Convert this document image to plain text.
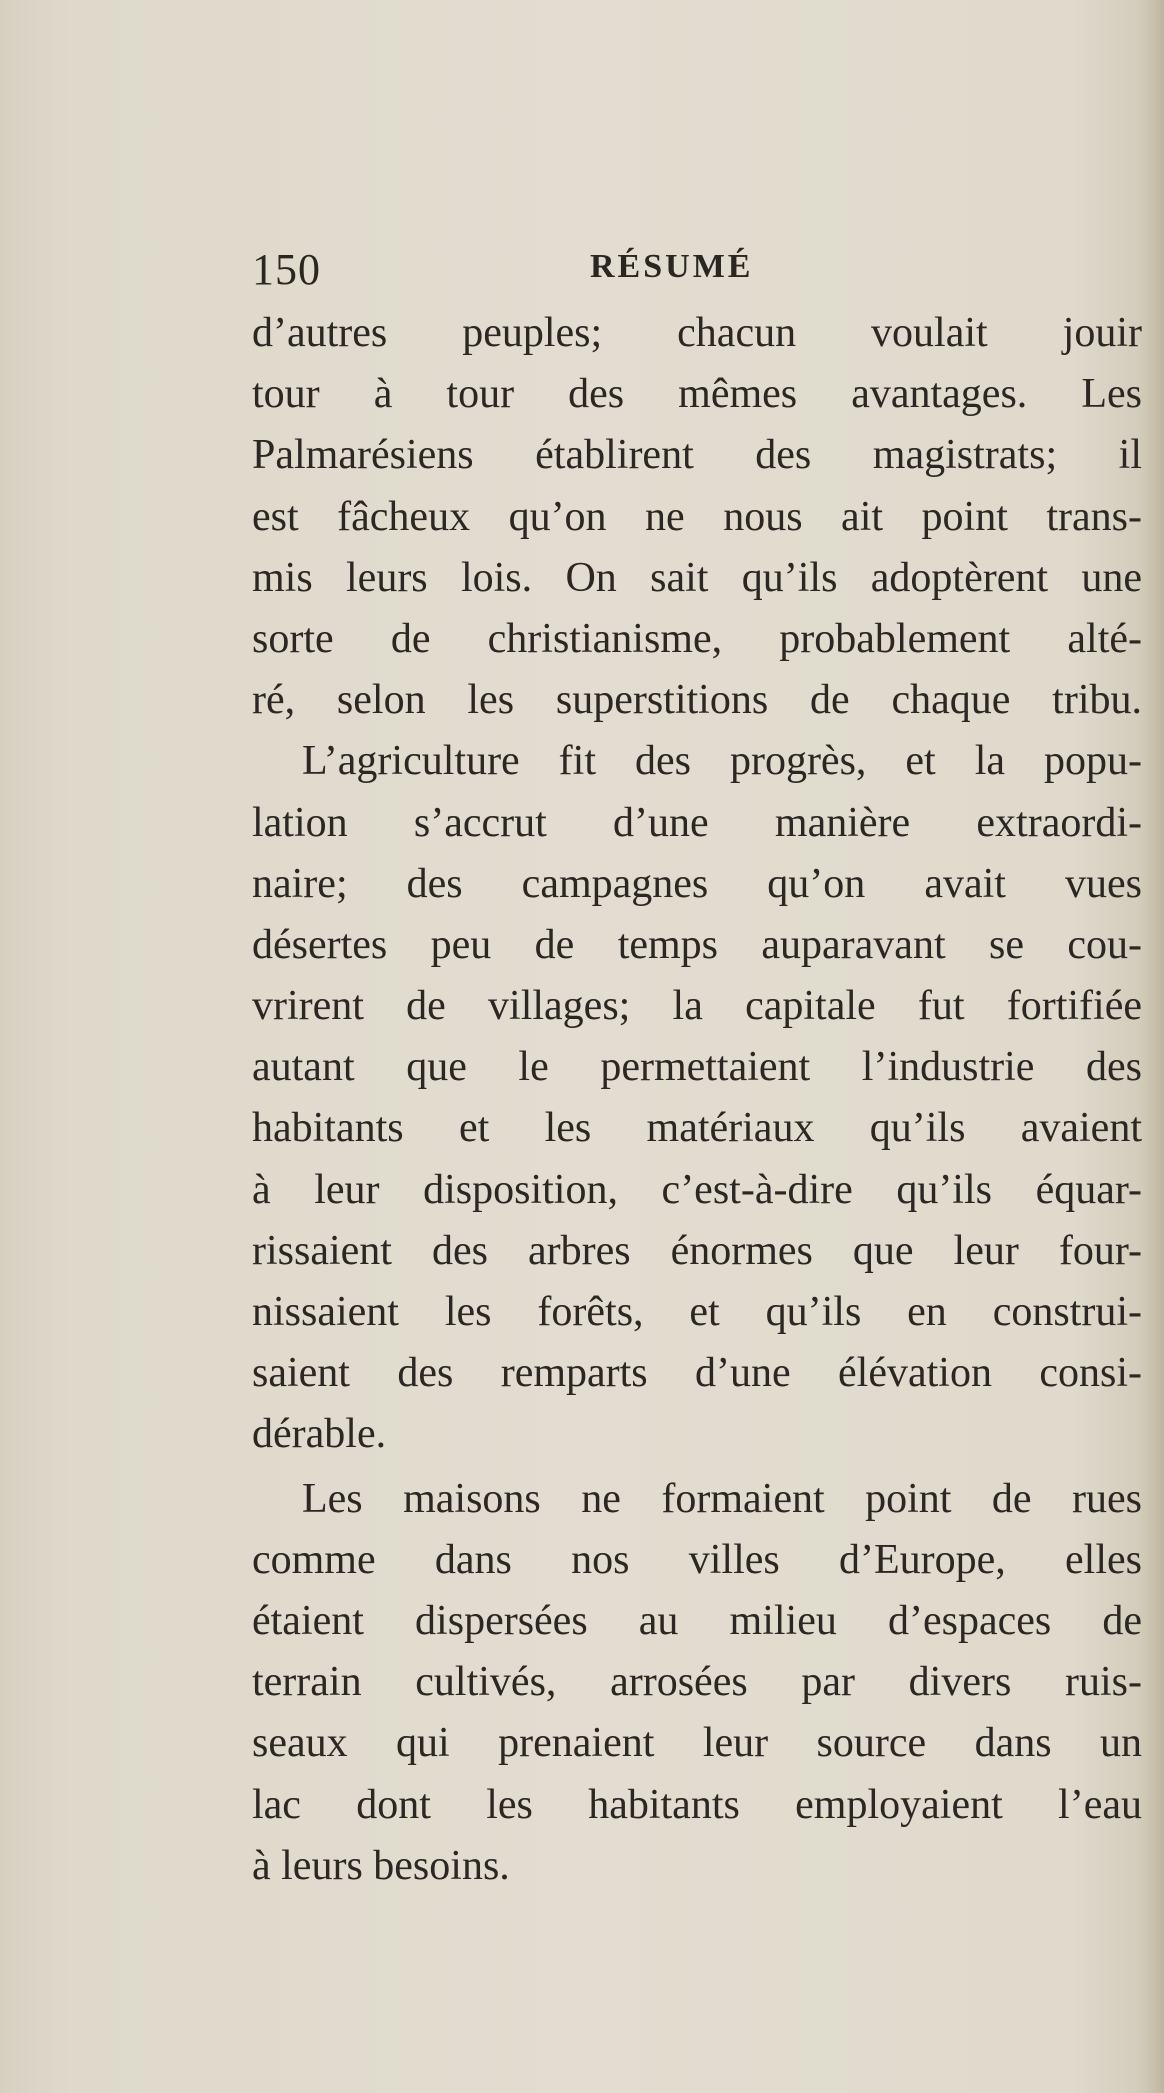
150	RÉSUMÉ
d’autres peuples; chacun voulait jouir
tour à tour des mêmes avantages. Les
Palmarésiens établirent des magistrats; il
est fâcheux qu’on ne nous ait point trans-
mis leurs lois. On sait qu’ils adoptèrent une
sorte de christianisme, probablement alté-
ré, selon les superstitions de chaque tribu.
L’agriculture fit des progrès, et la popu-
lation s’accrut d’une manière extraordi-
naire; des campagnes qu’on avait vues
désertes peu de temps auparavant se cou-
vrirent de villages; la capitale fut fortifiée
autant que le permettaient l’industrie des
habitants et les matériaux qu’ils avaient
à leur disposition, c’est-à-dire qu’ils équar-
rissaient des arbres énormes que leur four-
nissaient les forêts, et qu’ils en construi-
saient des remparts d’une élévation consi-
dérable.
Les maisons ne formaient point de rues
comme dans nos villes d’Europe, elles
étaient dispersées au milieu d’espaces de
terrain cultivés, arrosées par divers ruis-
seaux qui prenaient leur source dans un
lac dont les habitants employaient l’eau
à leurs besoins.
